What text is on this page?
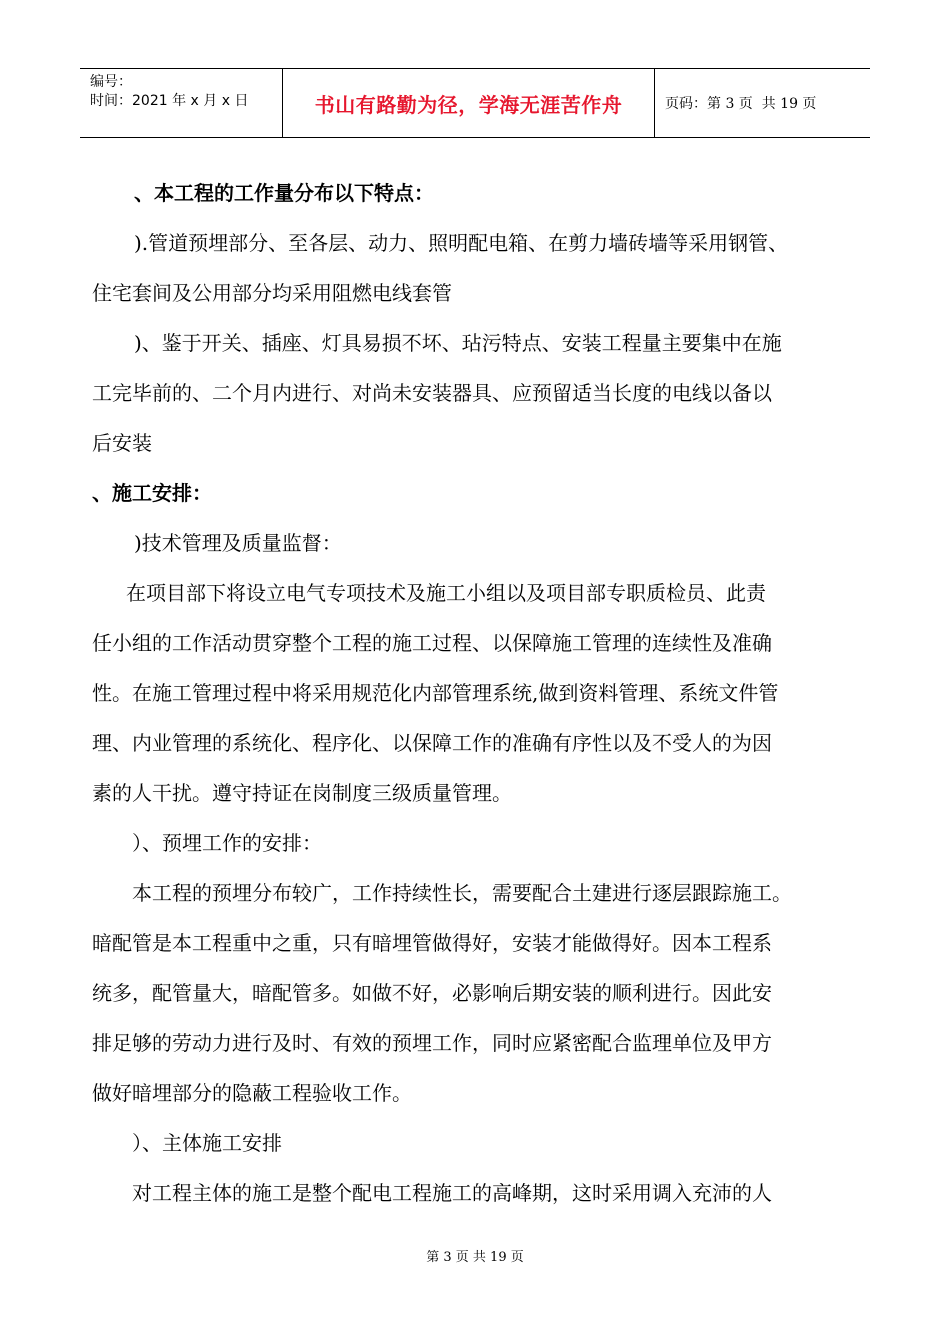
编号：
时间：2021 年 x 月 x 日	书山有路勤为径，学海无涯苦作舟	页码：第 3 页  共 19 页

、本工程的工作量分布以下特点：

).管道预埋部分、至各层、动力、照明配电箱、在剪力墙砖墙等采用钢管、

住宅套间及公用部分均采用阻燃电线套管

)、鉴于开关、插座、灯具易损不坏、玷污特点、安装工程量主要集中在施

工完毕前的、二个月内进行、对尚未安装器具、应预留适当长度的电线以备以

后安装

、施工安排：

)技术管理及质量监督：

在项目部下将设立电气专项技术及施工小组以及项目部专职质检员、此责

任小组的工作活动贯穿整个工程的施工过程、以保障施工管理的连续性及准确

性。在施工管理过程中将采用规范化内部管理系统,做到资料管理、系统文件管

理、内业管理的系统化、程序化、以保障工作的准确有序性以及不受人的为因

素的人干扰。遵守持证在岗制度三级质量管理。

）、预埋工作的安排：

本工程的预埋分布较广，工作持续性长，需要配合土建进行逐层跟踪施工。

暗配管是本工程重中之重，只有暗埋管做得好，安装才能做得好。因本工程系

统多，配管量大，暗配管多。如做不好，必影响后期安装的顺利进行。因此安

排足够的劳动力进行及时、有效的预埋工作，同时应紧密配合监理单位及甲方

做好暗埋部分的隐蔽工程验收工作。

）、主体施工安排

对工程主体的施工是整个配电工程施工的高峰期，这时采用调入充沛的人

第 3 页 共 19 页
